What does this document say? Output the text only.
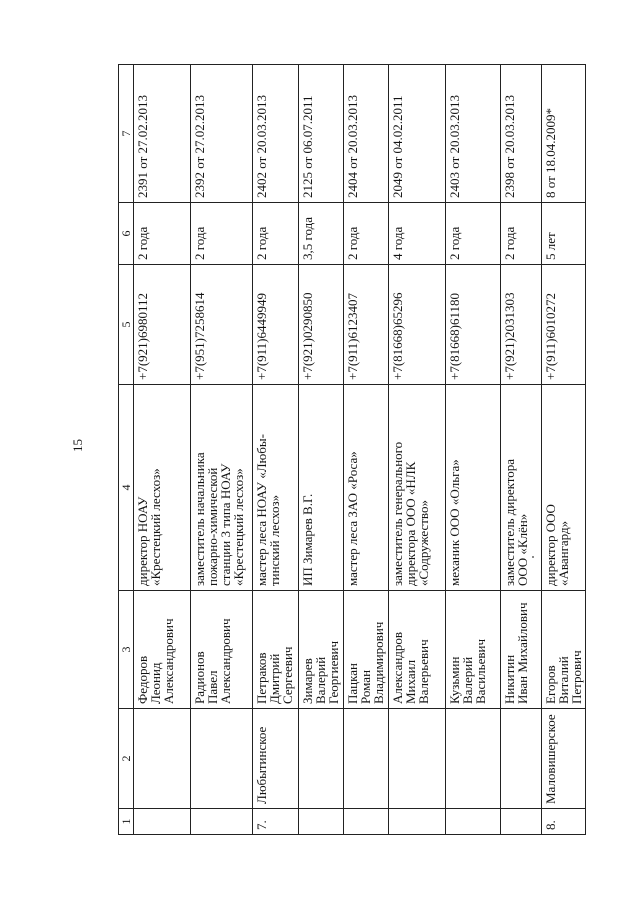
15
1	2	3	4	5	6	7
		Федоров
Леонид
Александрович	директор НОАУ
«Крестецкий лесхоз»	+7(921)6980112	2 года	2391 от 27.02.2013
		Радионов
Павел
Александрович	заместитель начальника
пожарно-химической
станции 3 типа НОАУ
«Крестецкий лесхоз»	+7(951)7258614	2 года	2392 от 27.02.2013
7.	Любытинское	Петраков
Дмитрий
Сергеевич	мастер леса НОАУ «Любы-
тинский лесхоз»	+7(911)6449949	2 года	2402 от 20.03.2013
		Зимарев
Валерий
Георгиевич	ИП Зимарев В.Г.	+7(921)0290850	3,5 года	2125 от 06.07.2011
		Пацкан
Роман
Владимирович	мастер леса ЗАО «Роса»	+7(911)6123407	2 года	2404 от 20.03.2013
		Александров
Михаил
Валерьевич	заместитель генерального
директора ООО «НЛК
«Содружество»	+7(81668)65296	4 года	2049 от 04.02.2011
		Кузьмин
Валерий
Васильевич	механик ООО «Ольга»	+7(81668)61180	2 года	2403 от 20.03.2013
		Никитин
Иван Михайлович	заместитель директора
ООО «Клён»	+7(921)2031303	2 года	2398 от 20.03.2013
8.	Маловишерское	Егоров
Виталий
Петрович	директор ООО
«Авангард»	+7(911)6010272	5 лет	8 от 18.04.2009*
